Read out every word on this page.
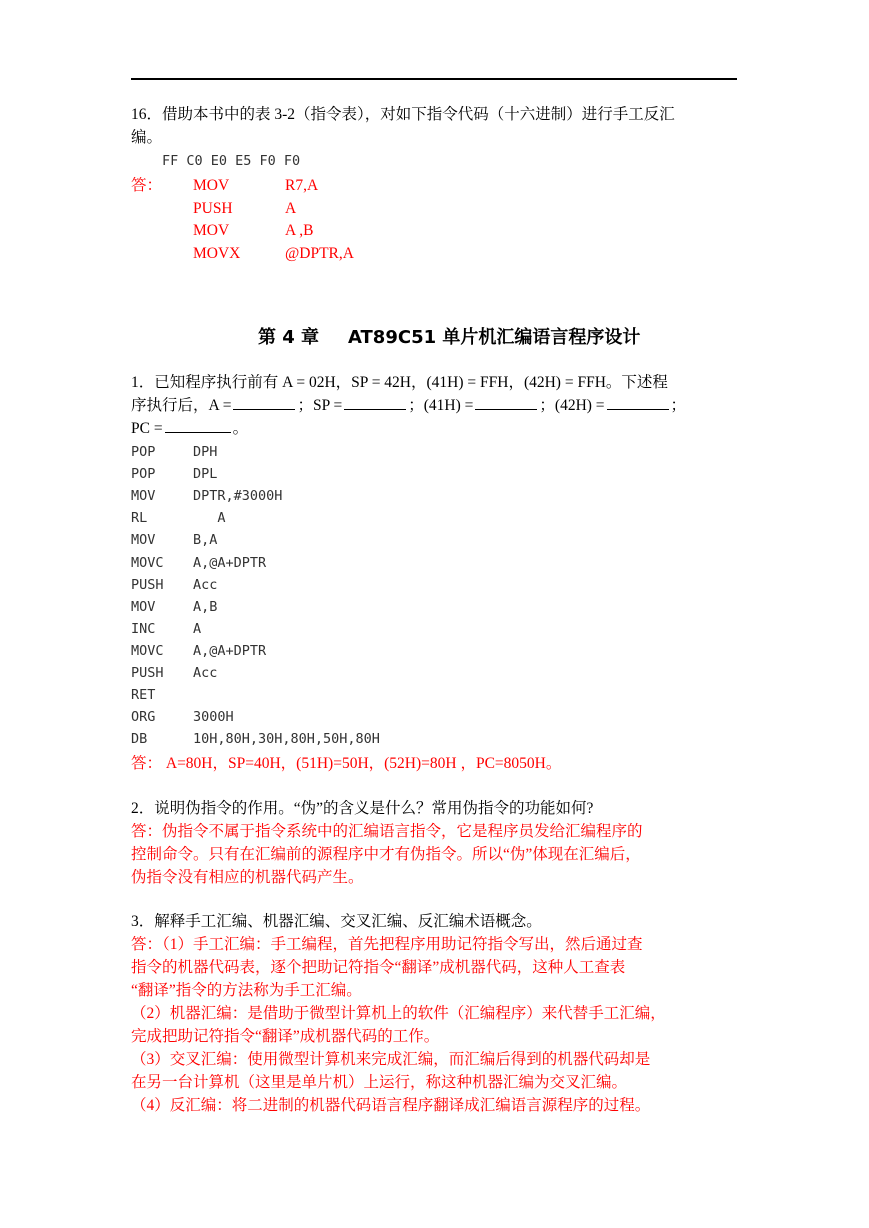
16．借助本书中的表 3-2（指令表），对如下指令代码（十六进制）进行手工反汇
编。
FF C0 E0 E5 F0 F0
答： MOV	R7,A
PUSH	A
MOV	A ,B
MOVX	@DPTR,A
第 4 章 AT89C51 单片机汇编语言程序设计
1．已知程序执行前有 A = 02H，SP = 42H，(41H) = FFH，(42H) = FFH。下述程
序执行后，A =	；SP =	；(41H) =	；(42H) =	；
PC =	。
POP	DPH
POP	DPL
MOV	DPTR,#3000H
RL	A
MOV	B,A
MOVC A,@A+DPTR
PUSH Acc
MOV	A,B
INC	A
MOVC A,@A+DPTR
PUSH Acc
RET
ORG	3000H
DB	10H,80H,30H,80H,50H,80H
答： A=80H，SP=40H，(51H)=50H，(52H)=80H ，PC=8050H。
2．说明伪指令的作用。“伪”的含义是什么？常用伪指令的功能如何?
答：伪指令不属于指令系统中的汇编语言指令，它是程序员发给汇编程序的
控制命令。只有在汇编前的源程序中才有伪指令。所以“伪”体现在汇编后，
伪指令没有相应的机器代码产生。
3．解释手工汇编、机器汇编、交叉汇编、反汇编术语概念。
答：（1）手工汇编：手工编程，首先把程序用助记符指令写出，然后通过查
指令的机器代码表，逐个把助记符指令“翻译”成机器代码，这种人工查表
“翻译”指令的方法称为手工汇编。
（2）机器汇编：是借助于微型计算机上的软件（汇编程序）来代替手工汇编，
完成把助记符指令“翻译”成机器代码的工作。
（3）交叉汇编：使用微型计算机来完成汇编，而汇编后得到的机器代码却是
在另一台计算机（这里是单片机）上运行，称这种机器汇编为交叉汇编。
（4）反汇编：将二进制的机器代码语言程序翻译成汇编语言源程序的过程。
